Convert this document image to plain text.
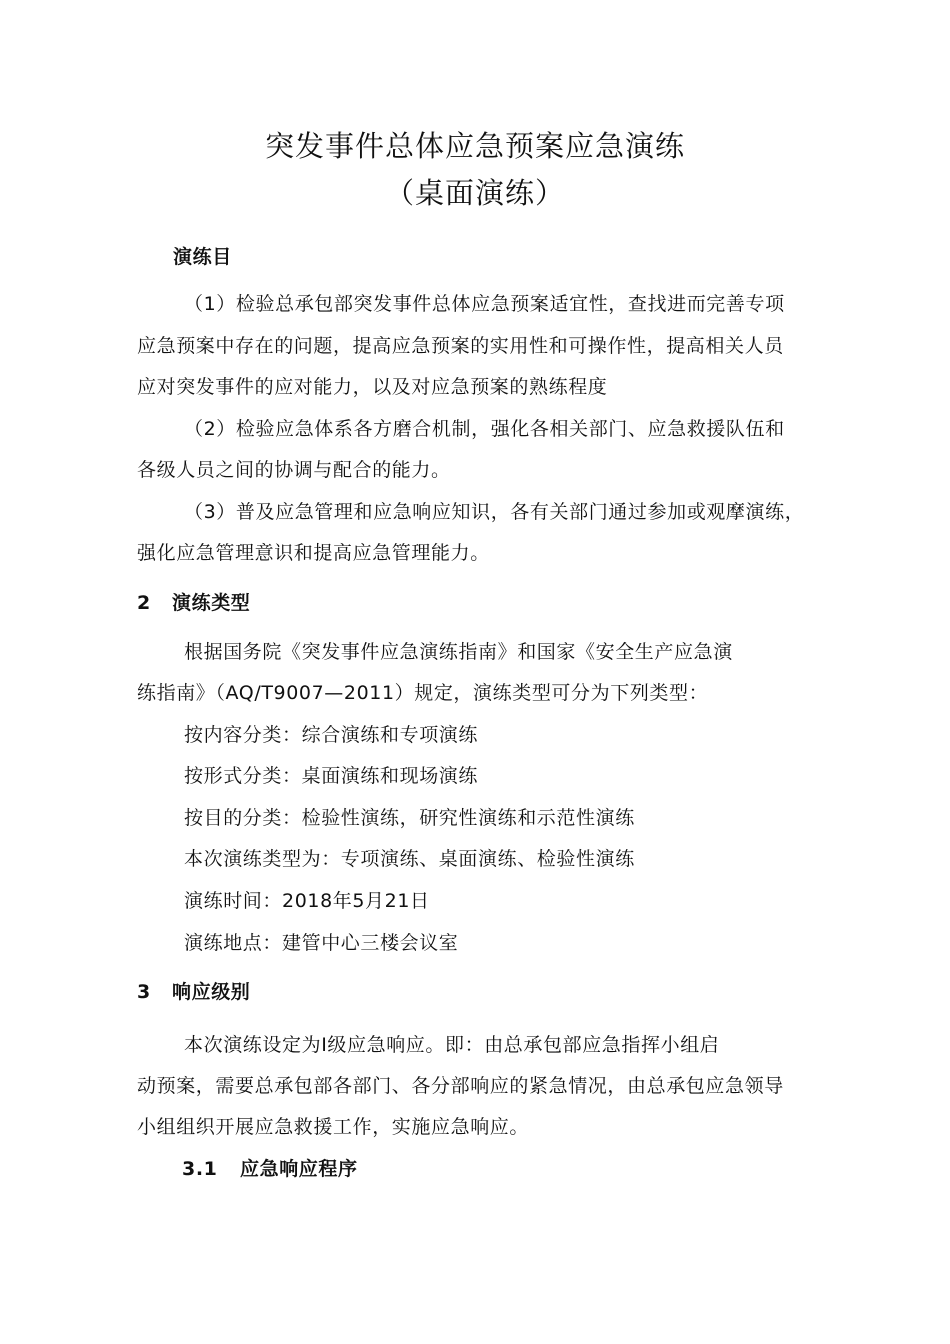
突发事件总体应急预案应急演练
（桌面演练）
演练目
（1）检验总承包部突发事件总体应急预案适宜性，查找进而完善专项
应急预案中存在的问题，提高应急预案的实用性和可操作性，提高相关人员
应对突发事件的应对能力，以及对应急预案的熟练程度
（2）检验应急体系各方磨合机制，强化各相关部门、应急救援队伍和
各级人员之间的协调与配合的能力。
（3）普及应急管理和应急响应知识，各有关部门通过参加或观摩演练，
强化应急管理意识和提高应急管理能力。
2 演练类型
根据国务院《突发事件应急演练指南》和国家《安全生产应急演
练指南》（AQ/T9007—2011）规定，演练类型可分为下列类型：
按内容分类：综合演练和专项演练
按形式分类：桌面演练和现场演练
按目的分类：检验性演练，研究性演练和示范性演练
本次演练类型为：专项演练、桌面演练、检验性演练
演练时间：2018年5月21日
演练地点：建管中心三楼会议室
3 响应级别
本次演练设定为Ⅰ级应急响应。即：由总承包部应急指挥小组启
动预案，需要总承包部各部门、各分部响应的紧急情况，由总承包应急领导
小组组织开展应急救援工作，实施应急响应。
3.1 应急响应程序
